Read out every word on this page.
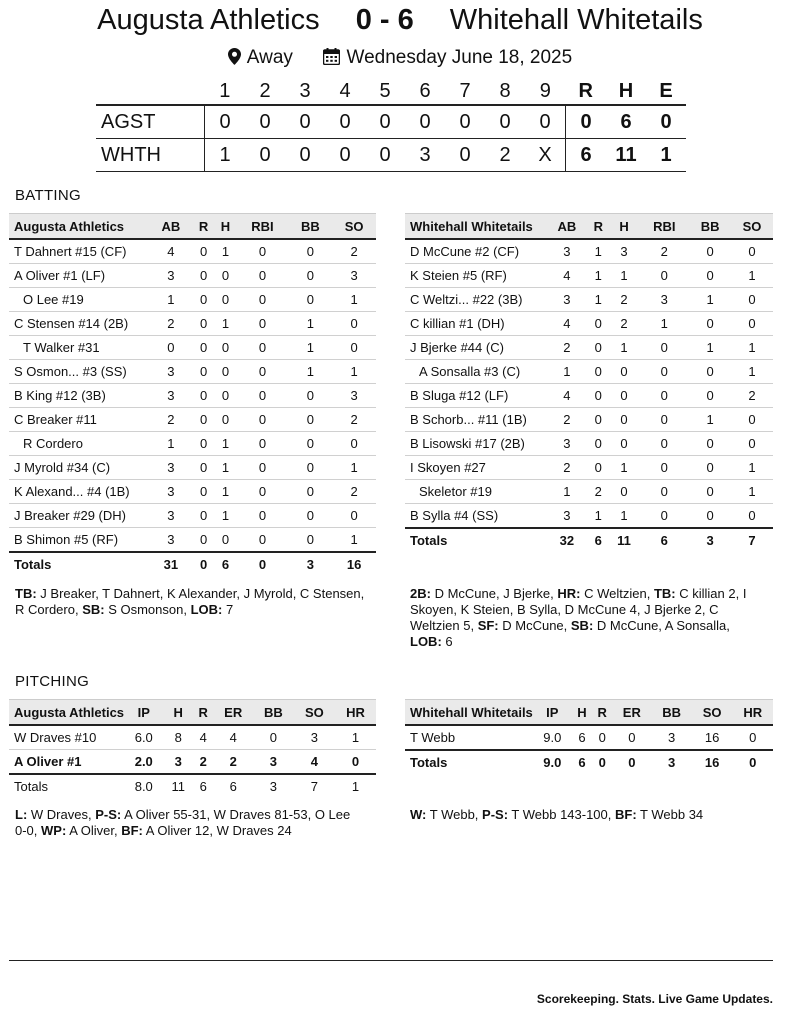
Augusta Athletics 0 - 6 Whitehall Whitetails
Away	Wednesday June 18, 2025
	1	2	3	4	5	6	7	8	9	R	H	E
AGST	0	0	0	0	0	0	0	0	0	0	6	0
WHTH	1	0	0	0	0	3	0	2	X	6	11	1
BATTING
Augusta Athletics	AB	R	H	RBI	BB	SO
T Dahnert #15 (CF)	4	0	1	0	0	2
A Oliver #1 (LF)	3	0	0	0	0	3
O Lee #19	1	0	0	0	0	1
C Stensen #14 (2B)	2	0	1	0	1	0
T Walker #31	0	0	0	0	1	0
S Osmon... #3 (SS)	3	0	0	0	1	1
B King #12 (3B)	3	0	0	0	0	3
C Breaker #11	2	0	0	0	0	2
R Cordero	1	0	1	0	0	0
J Myrold #34 (C)	3	0	1	0	0	1
K Alexand... #4 (1B)	3	0	1	0	0	2
J Breaker #29 (DH)	3	0	1	0	0	0
B Shimon #5 (RF)	3	0	0	0	0	1
Totals	31	0	6	0	3	16
Whitehall Whitetails	AB	R	H	RBI	BB	SO
D McCune #2 (CF)	3	1	3	2	0	0
K Steien #5 (RF)	4	1	1	0	0	1
C Weltzi... #22 (3B)	3	1	2	3	1	0
C killian #1 (DH)	4	0	2	1	0	0
J Bjerke #44 (C)	2	0	1	0	1	1
A Sonsalla #3 (C)	1	0	0	0	0	1
B Sluga #12 (LF)	4	0	0	0	0	2
B Schorb... #11 (1B)	2	0	0	0	1	0
B Lisowski #17 (2B)	3	0	0	0	0	0
I Skoyen #27	2	0	1	0	0	1
Skeletor #19	1	2	0	0	0	1
B Sylla #4 (SS)	3	1	1	0	0	0
Totals	32	6	11	6	3	7
TB: J Breaker, T Dahnert, K Alexander, J Myrold, C Stensen, R Cordero, SB: S Osmonson, LOB: 7
2B: D McCune, J Bjerke, HR: C Weltzien, TB: C killian 2, I Skoyen, K Steien, B Sylla, D McCune 4, J Bjerke 2, C Weltzien 5, SF: D McCune, SB: D McCune, A Sonsalla, LOB: 6
PITCHING
Augusta Athletics	IP	H	R	ER	BB	SO	HR
W Draves #10	6.0	8	4	4	0	3	1
A Oliver #1	2.0	3	2	2	3	4	0
Totals	8.0	11	6	6	3	7	1
Whitehall Whitetails	IP	H	R	ER	BB	SO	HR
T Webb	9.0	6	0	0	3	16	0
Totals	9.0	6	0	0	3	16	0
L: W Draves, P-S: A Oliver 55-31, W Draves 81-53, O Lee 0-0, WP: A Oliver, BF: A Oliver 12, W Draves 24
W: T Webb, P-S: T Webb 143-100, BF: T Webb 34
Scorekeeping. Stats. Live Game Updates.
